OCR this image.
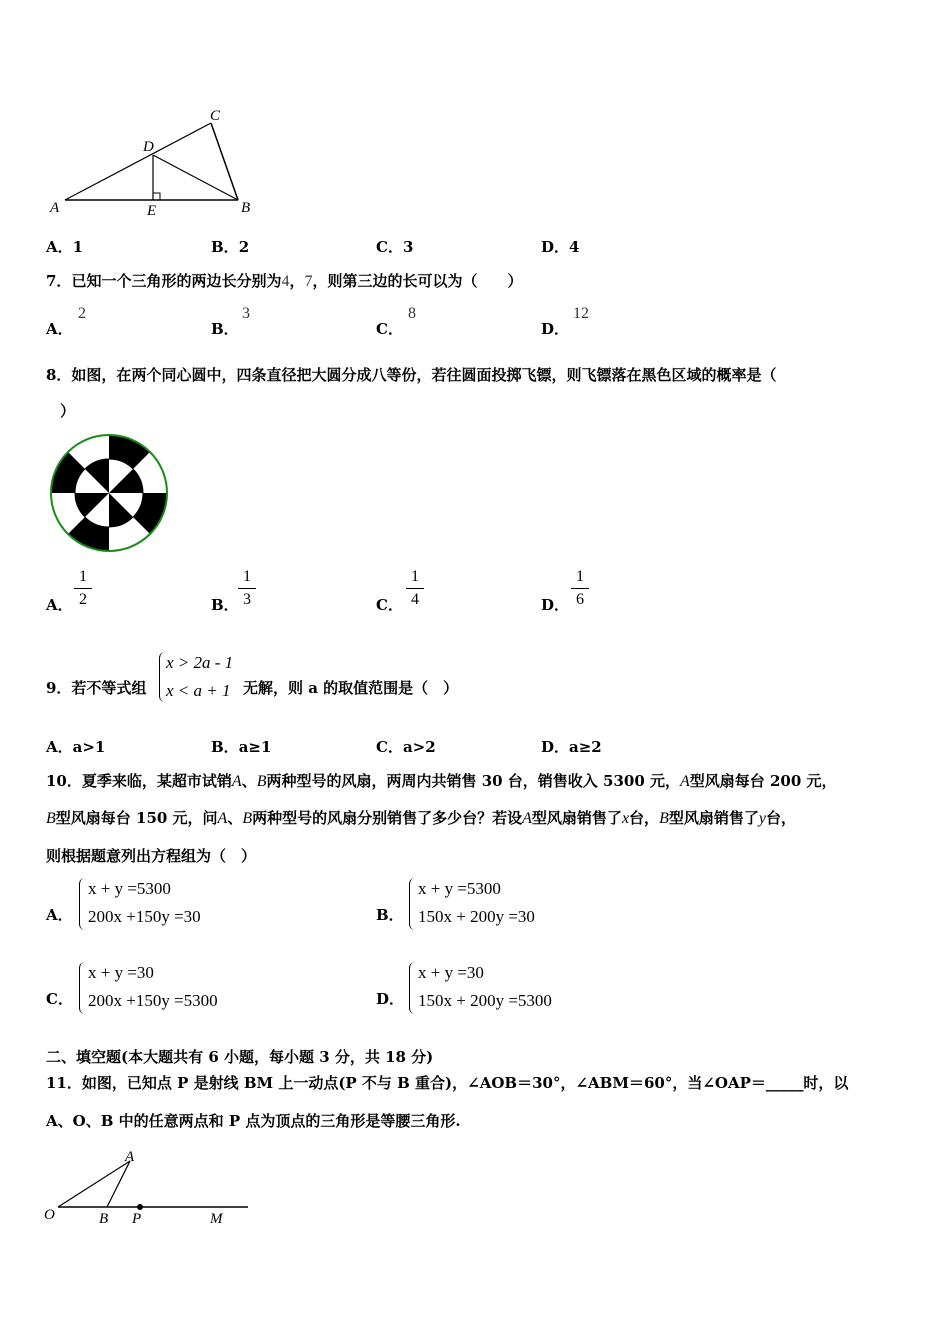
A	B
C
D
E
A．1	B．2	C．3	D．4
7．已知一个三角形的两边长分别为4，7，则第三边的长可以为（　　）
A．
2
B．
3
C．
8
D．
12
8．如图，在两个同心圆中，四条直径把大圆分成八等份，若往圆面投掷飞镖，则飞镖落在黑色区域的概率是（
）
A．
1
2	B．
1
3	C．
1
4	D．
1
6
9．若不等式组
x > 2a - 1
x < a + 1 无解，则 a 的取值范围是（　）
A．a>1	B．a≥1	C．a>2	D．a≥2
10．夏季来临，某超市试销A、B两种型号的风扇，两周内共销售 30 台，销售收入 5300 元，A型风扇每台 200 元，
B型风扇每台 150 元，问A、B两种型号的风扇分别销售了多少台？若设A型风扇销售了x台，B型风扇销售了y台，
则根据题意列出方程组为（　）
A．
x + y =5300
200x +150y =30	B．
x + y =5300
150x + 200y =30
C．
x + y =30
200x +150y =5300	D．
x + y =30
150x + 200y =5300
二、填空题(本大题共有 6 小题，每小题 3 分，共 18 分)
11．如图，已知点 P 是射线 BM 上一动点(P 不与 B 重合)，∠AOB＝30°，∠ABM＝60°，当∠OAP＝_____时，以
A、O、B 中的任意两点和 P 点为顶点的三角形是等腰三角形.
O
A
B P	M
